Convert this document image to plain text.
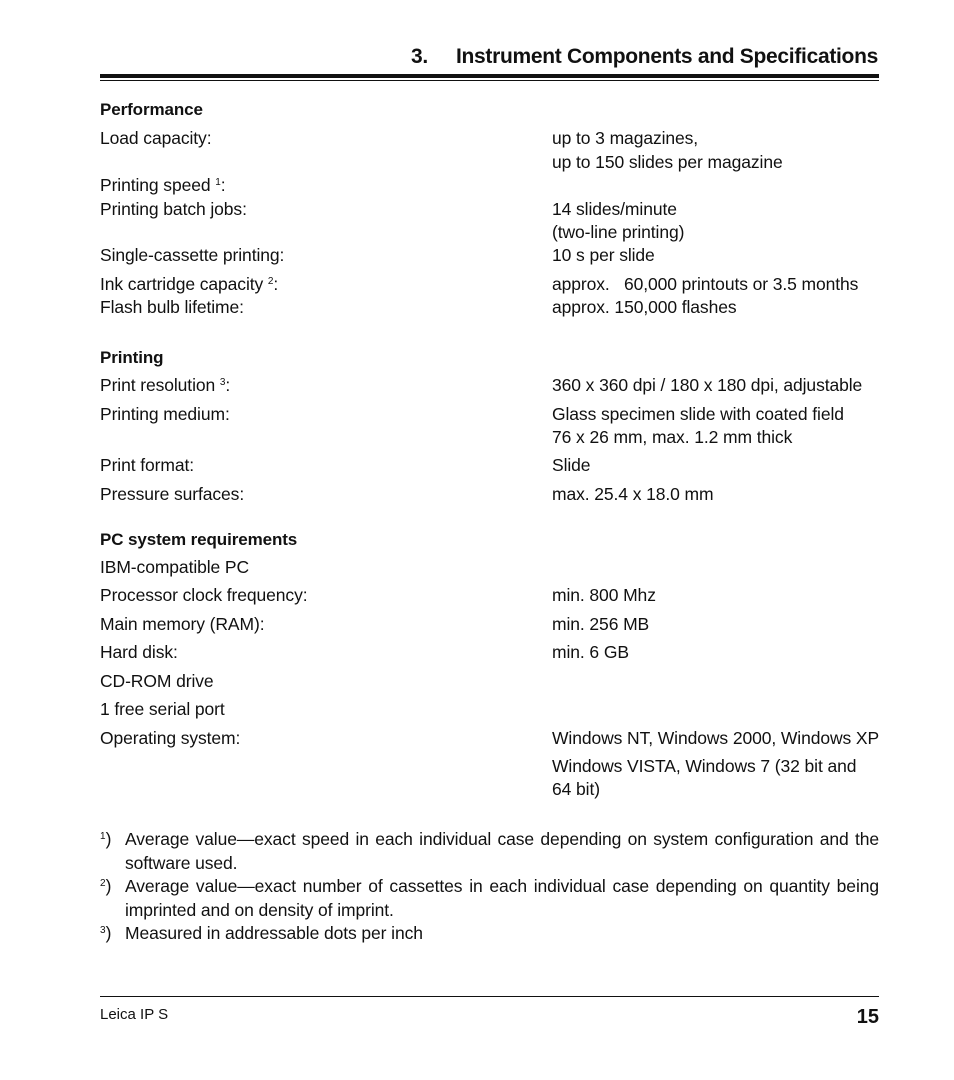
3. Instrument Components and Specifications
Performance
Load capacity:	up to 3 magazines,
up to 150 slides per magazine
Printing speed $^1$:
Printing batch jobs:	14 slides/minute
(two-line printing)
Single-cassette printing:	10 s per slide
Ink cartridge capacity $^2$:	approx.   60,000 printouts or 3.5 months
Flash bulb lifetime:	approx. 150,000 flashes
Printing
Print resolution $^3$:	360 x 360 dpi / 180 x 180 dpi, adjustable
Printing medium:	Glass specimen slide with coated field
76 x 26 mm, max. 1.2 mm thick
Print format:	Slide
Pressure surfaces:	max. 25.4 x 18.0 mm
PC system requirements
IBM-compatible PC
Processor clock frequency:	min. 800 Mhz
Main memory (RAM):	min. 256 MB
Hard disk:	min. 6 GB
CD-ROM drive
1 free serial port
Operating system:	Windows NT, Windows 2000, Windows XP
Windows VISTA, Windows 7 (32 bit and
64 bit)
$^1$) Average value—exact speed in each individual case depending on system configuration and the software used.
$^2$) Average value—exact number of cassettes in each individual case depending on quantity being imprinted and on density of imprint.
$^3$) Measured in addressable dots per inch
Leica IP S	15
